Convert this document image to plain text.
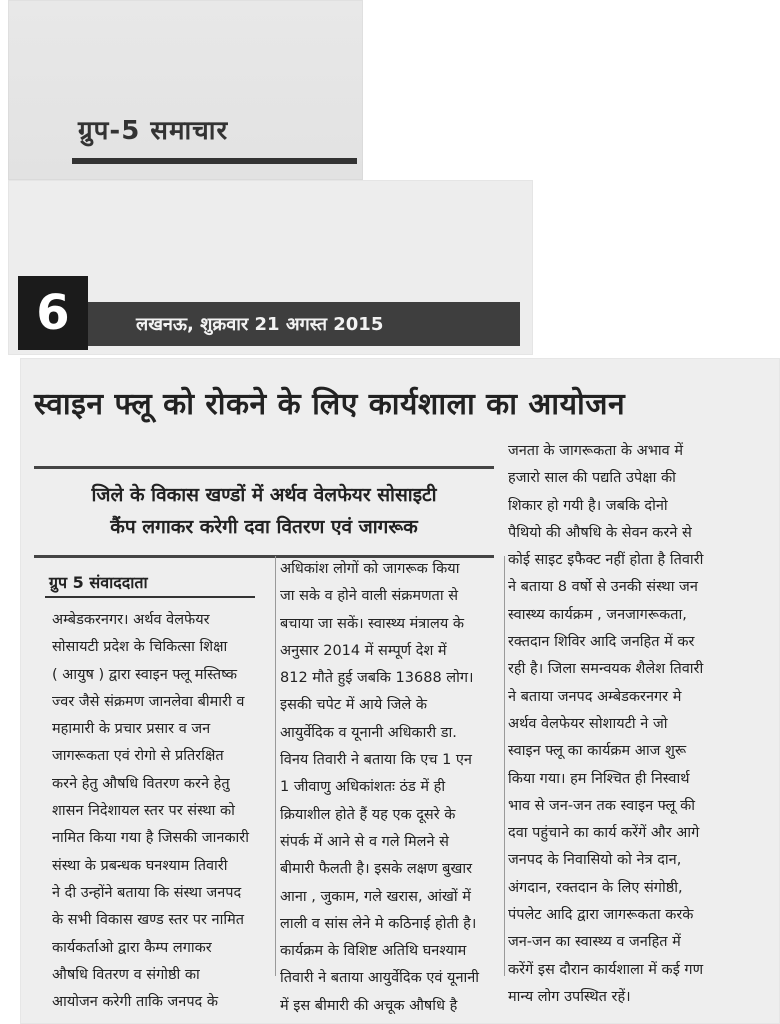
ग्रुप-5 समाचार
6	लखनऊ, शुक्रवार 21 अगस्त 2015
स्वाइन फ्लू को रोकने के लिए कार्यशाला का आयोजन
जिले के विकास खण्डों में अर्थव वेलफेयर सोसाइटी
कैंप लगाकर करेगी दवा वितरण एवं जागरूक
ग्रुप 5 संवाददाता
अम्बेडकरनगर। अर्थव वेलफेयर
सोसायटी प्रदेश के चिकित्सा शिक्षा
( आयुष ) द्वारा स्वाइन फ्लू मस्तिष्क
ज्वर जैसे संक्रमण जानलेवा बीमारी व
महामारी के प्रचार प्रसार व जन
जागरूकता एवं रोगो से प्रतिरक्षित
करने हेतु औषधि वितरण करने हेतु
शासन निदेशायल स्तर पर संस्था को
नामित किया गया है जिसकी जानकारी
संस्था के प्रबन्धक घनश्याम तिवारी
ने दी उन्होंने बताया कि संस्था जनपद
के सभी विकास खण्ड स्तर पर नामित
कार्यकर्ताओ द्वारा कैम्प लगाकर
औषधि वितरण व संगोष्ठी का
आयोजन करेगी ताकि जनपद के
अधिकांश लोगों को जागरूक किया
जा सके व होने वाली संक्रमणता से
बचाया जा सकें। स्वास्थ्य मंत्रालय के
अनुसार 2014 में सम्पूर्ण देश में
812 मौते हुई जबकि 13688 लोग।
इसकी चपेट में आये जिले के
आयुर्वेदिक व यूनानी अधिकारी डा.
विनय तिवारी ने बताया कि एच 1 एन
1 जीवाणु अधिकांशतः ठंड में ही
क्रियाशील होते हैं यह एक दूसरे के
संपर्क में आने से व गले मिलने से
बीमारी फैलती है। इसके लक्षण बुखार
आना , जुकाम, गले खरास, आंखों में
लाली व सांस लेने मे कठिनाई होती है।
कार्यक्रम के विशिष्ट अतिथि घनश्याम
तिवारी ने बताया आयुर्वेदिक एवं यूनानी
में इस बीमारी की अचूक औषधि है
जनता के जागरूकता के अभाव में
हजारो साल की पद्यति उपेक्षा की
शिकार हो गयी है। जबकि दोनो
पैथियो की औषधि के सेवन करने से
कोई साइट इफैक्ट नहीं होता है तिवारी
ने बताया 8 वर्षो से उनकी संस्था जन
स्वास्थ्य कार्यक्रम , जनजागरूकता,
रक्तदान शिविर आदि जनहित में कर
रही है। जिला समन्वयक शैलेश तिवारी
ने बताया जनपद अम्बेडकरनगर मे
अर्थव वेलफेयर सोशायटी ने जो
स्वाइन फ्लू का कार्यक्रम आज शुरू
किया गया। हम निश्चित ही निस्वार्थ
भाव से जन-जन तक स्वाइन फ्लू की
दवा पहुंचाने का कार्य करेंगें और आगे
जनपद के निवासियो को नेत्र दान,
अंगदान, रक्तदान के लिए संगोष्ठी,
पंपलेट आदि द्वारा जागरूकता करके
जन-जन का स्वास्थ्य व जनहित में
करेंगें इस दौरान कार्यशाला में कई गण
मान्य लोग उपस्थित रहें।
